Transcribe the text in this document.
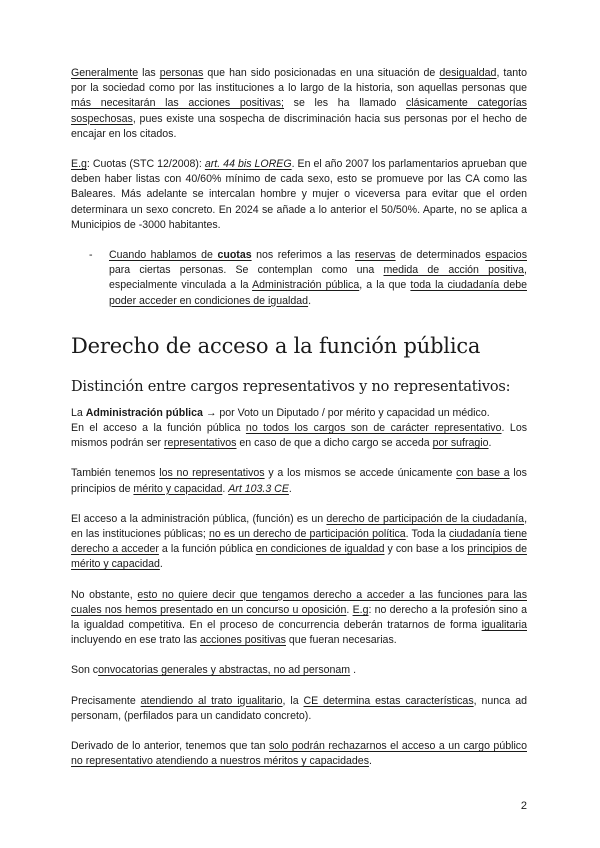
Generalmente las personas que han sido posicionadas en una situación de desigualdad, tanto por la sociedad como por las instituciones a lo largo de la historia, son aquellas personas que más necesitarán las acciones positivas; se les ha llamado clásicamente categorías sospechosas, pues existe una sospecha de discriminación hacia sus personas por el hecho de encajar en los citados.

E.g: Cuotas (STC 12/2008): art. 44 bis LOREG. En el año 2007 los parlamentarios aprueban que deben haber listas con 40/60% mínimo de cada sexo, esto se promueve por las CA como las Baleares. Más adelante se intercalan hombre y mujer o viceversa para evitar que el orden determinara un sexo concreto. En 2024 se añade a lo anterior el 50/50%. Aparte, no se aplica a Municipios de -3000 habitantes.

-	Cuando hablamos de cuotas nos referimos a las reservas de determinados espacios para ciertas personas. Se contemplan como una medida de acción positiva, especialmente vinculada a la Administración pública, a la que toda la ciudadanía debe poder acceder en condiciones de igualdad.

Derecho de acceso a la función pública
Distinción entre cargos representativos y no representativos:

La Administración pública → por Voto un Diputado / por mérito y capacidad un médico.
En el acceso a la función pública no todos los cargos son de carácter representativo. Los mismos podrán ser representativos en caso de que a dicho cargo se acceda por sufragio.

También tenemos los no representativos y a los mismos se accede únicamente con base a los principios de mérito y capacidad. Art 103.3 CE.

El acceso a la administración pública, (función) es un derecho de participación de la ciudadanía, en las instituciones públicas; no es un derecho de participación política. Toda la ciudadanía tiene derecho a acceder a la función pública en condiciones de igualdad y con base a los principios de mérito y capacidad.

No obstante, esto no quiere decir que tengamos derecho a acceder a las funciones para las cuales nos hemos presentado en un concurso u oposición. E.g: no derecho a la profesión sino a la igualdad competitiva. En el proceso de concurrencia deberán tratarnos de forma igualitaria incluyendo en ese trato las acciones positivas que fueran necesarias.

Son convocatorias generales y abstractas, no ad personam .

Precisamente atendiendo al trato igualitario, la CE determina estas características, nunca ad personam, (perfilados para un candidato concreto).

Derivado de lo anterior, tenemos que tan solo podrán rechazarnos el acceso a un cargo público no representativo atendiendo a nuestros méritos y capacidades.

2
